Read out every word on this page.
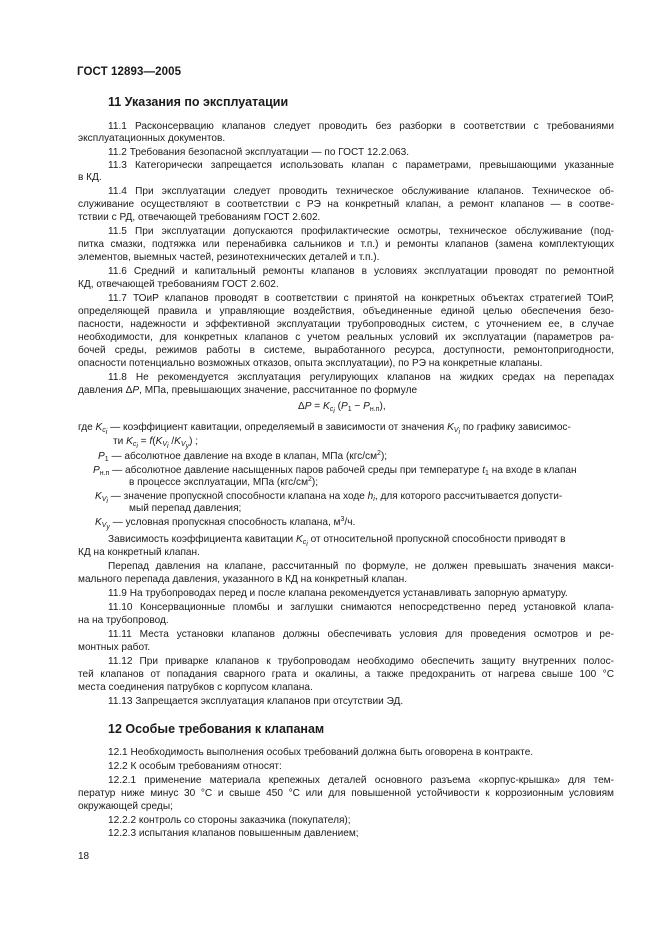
ГОСТ 12893—2005
11 Указания по эксплуатации
11.1 Расконсервацию клапанов следует проводить без разборки в соответствии с требованиями
эксплуатационных документов.
11.2 Требования безопасной эксплуатации — по ГОСТ 12.2.063.
11.3 Категорически запрещается использовать клапан с параметрами, превышающими указанные
в КД.
11.4 При эксплуатации следует проводить техническое обслуживание клапанов. Техническое об-
служивание осуществляют в соответствии с РЭ на конкретный клапан, а ремонт клапанов — в соотве-
тствии с РД, отвечающей требованиям ГОСТ 2.602.
11.5 При эксплуатации допускаются профилактические осмотры, техническое обслуживание (под-
питка смазки, подтяжка или перенабивка сальников и т.п.) и ремонты клапанов (замена комплектующих
элементов, выемных частей, резинотехнических деталей и т.п.).
11.6 Средний и капитальный ремонты клапанов в условиях эксплуатации проводят по ремонтной
КД, отвечающей требованиям ГОСТ 2.602.
11.7 ТОиР клапанов проводят в соответствии с принятой на конкретных объектах стратегией ТОиР,
определяющей правила и управляющие воздействия, объединенные единой целью обеспечения безо-
пасности, надежности и эффективной эксплуатации трубопроводных систем, с уточнением ее, в случае
необходимости, для конкретных клапанов с учетом реальных условий их эксплуатации (параметров ра-
бочей среды, режимов работы в системе, выработанного ресурса, доступности, ремонтопригодности,
опасности потенциально возможных отказов, опыта эксплуатации), по РЭ на конкретные клапаны.
11.8 Не рекомендуется эксплуатация регулирующих клапанов на жидких средах на перепадах
давления ΔP, МПа, превышающих значение, рассчитанное по формуле
$\Delta P = K_{c_i}$ $(P_1 - P_{н.п})$,
где $K_{c_i}$ — коэффициент кавитации, определяемый в зависимости от значения $K_{V_i}$ по графику зависимос-
ти $K_{c_i} = f(K_{V_i}$ $/K_{V_y}$) ;
$P_1$ — абсолютное давление на входе в клапан, МПа $(кгс/см^2)$;
$P_{н.п}$ — абсолютное давление насыщенных паров рабочей среды при температуре $t_1$ на входе в клапан
в процессе эксплуатации, МПа $(кгс/см^2)$;
$K_{V_i}$ — значение пропускной способности клапана на ходе $h_i$, для которого рассчитывается допусти-
мый перепад давления;
$K_{V_y}$ — условная пропускная способность клапана, $м^3/ч$.
Зависимость коэффициента кавитации $K_{c_i}$ от относительной пропускной способности приводят в
КД на конкретный клапан.
Перепад давления на клапане, рассчитанный по формуле, не должен превышать значения макси-
мального перепада давления, указанного в КД на конкретный клапан.
11.9 На трубопроводах перед и после клапана рекомендуется устанавливать запорную арматуру.
11.10 Консервационные пломбы и заглушки снимаются непосредственно перед установкой клапа-
на на трубопровод.
11.11 Места установки клапанов должны обеспечивать условия для проведения осмотров и ре-
монтных работ.
11.12 При приварке клапанов к трубопроводам необходимо обеспечить защиту внутренних полос-
тей клапанов от попадания сварного грата и окалины, а также предохранить от нагрева свыше 100 °С
места соединения патрубков с корпусом клапана.
11.13 Запрещается эксплуатация клапанов при отсутствии ЭД.
12 Особые требования к клапанам
12.1 Необходимость выполнения особых требований должна быть оговорена в контракте.
12.2 К особым требованиям относят:
12.2.1 применение материала крепежных деталей основного разъема «корпус-крышка» для тем-
ператур ниже минус 30 °С и свыше 450 °С или для повышенной устойчивости к коррозионным условиям
окружающей среды;
12.2.2 контроль со стороны заказчика (покупателя);
12.2.3 испытания клапанов повышенным давлением;
18
